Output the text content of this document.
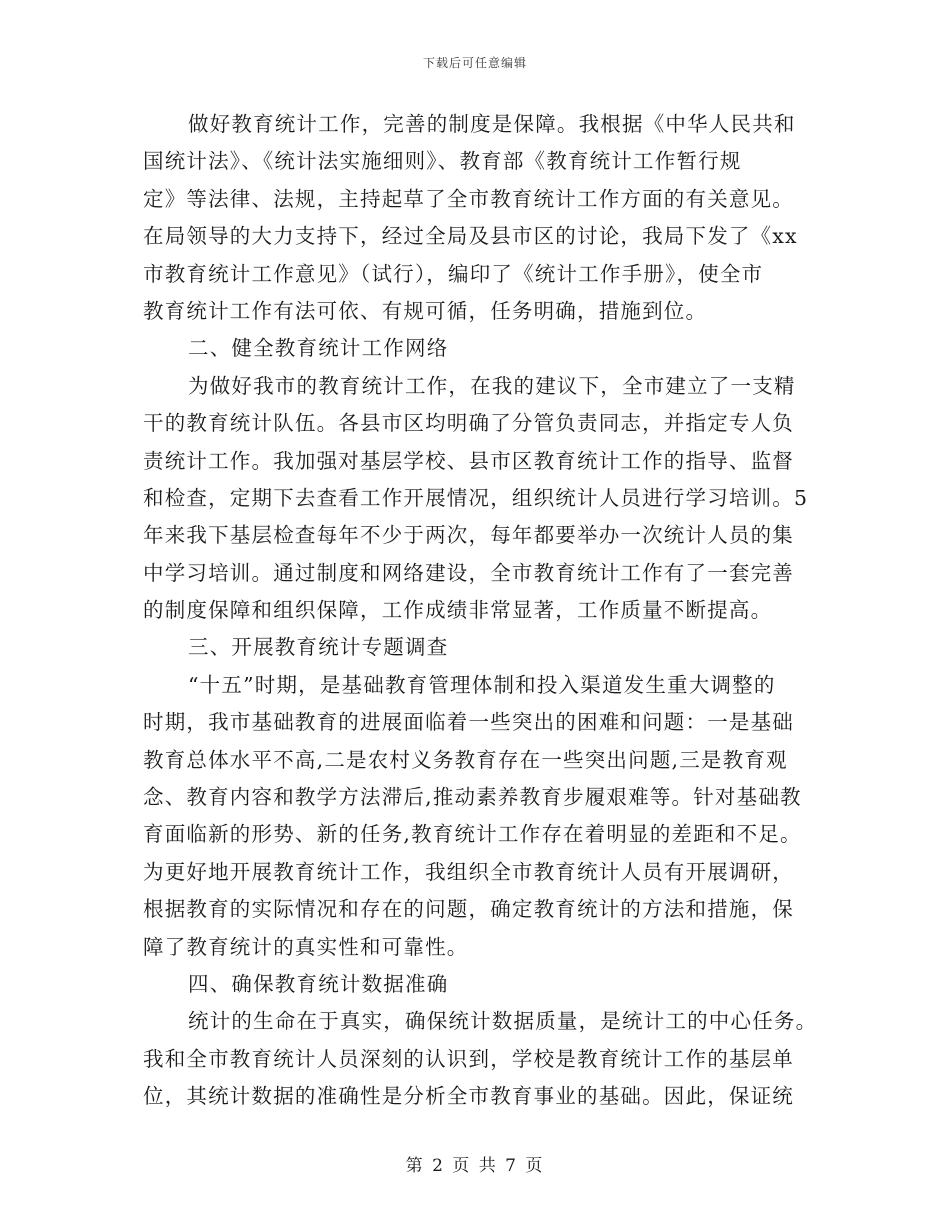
下载后可任意编辑
做好教育统计工作，完善的制度是保障。我根据《中华人民共和
国统计法》、《统计法实施细则》、教育部《教育统计工作暂行规
定》等法律、法规，主持起草了全市教育统计工作方面的有关意见。
在局领导的大力支持下，经过全局及县市区的讨论，我局下发了《xx
市教育统计工作意见》（试行），编印了《统计工作手册》，使全市
教育统计工作有法可依、有规可循，任务明确，措施到位。
二、健全教育统计工作网络
为做好我市的教育统计工作，在我的建议下，全市建立了一支精
干的教育统计队伍。各县市区均明确了分管负责同志，并指定专人负
责统计工作。我加强对基层学校、县市区教育统计工作的指导、监督
和检查，定期下去查看工作开展情况，组织统计人员进行学习培训。5
年来我下基层检查每年不少于两次，每年都要举办一次统计人员的集
中学习培训。通过制度和网络建设，全市教育统计工作有了一套完善
的制度保障和组织保障，工作成绩非常显著，工作质量不断提高。
三、开展教育统计专题调查
“十五”时期，是基础教育管理体制和投入渠道发生重大调整的
时期，我市基础教育的进展面临着一些突出的困难和问题：一是基础
教育总体水平不高,二是农村义务教育存在一些突出问题,三是教育观
念、教育内容和教学方法滞后,推动素养教育步履艰难等。针对基础教
育面临新的形势、新的任务,教育统计工作存在着明显的差距和不足。
为更好地开展教育统计工作，我组织全市教育统计人员有开展调研，
根据教育的实际情况和存在的问题，确定教育统计的方法和措施，保
障了教育统计的真实性和可靠性。
四、确保教育统计数据准确
统计的生命在于真实，确保统计数据质量，是统计工的中心任务。
我和全市教育统计人员深刻的认识到，学校是教育统计工作的基层单
位，其统计数据的准确性是分析全市教育事业的基础。因此，保证统
第 2 页 共 7 页
